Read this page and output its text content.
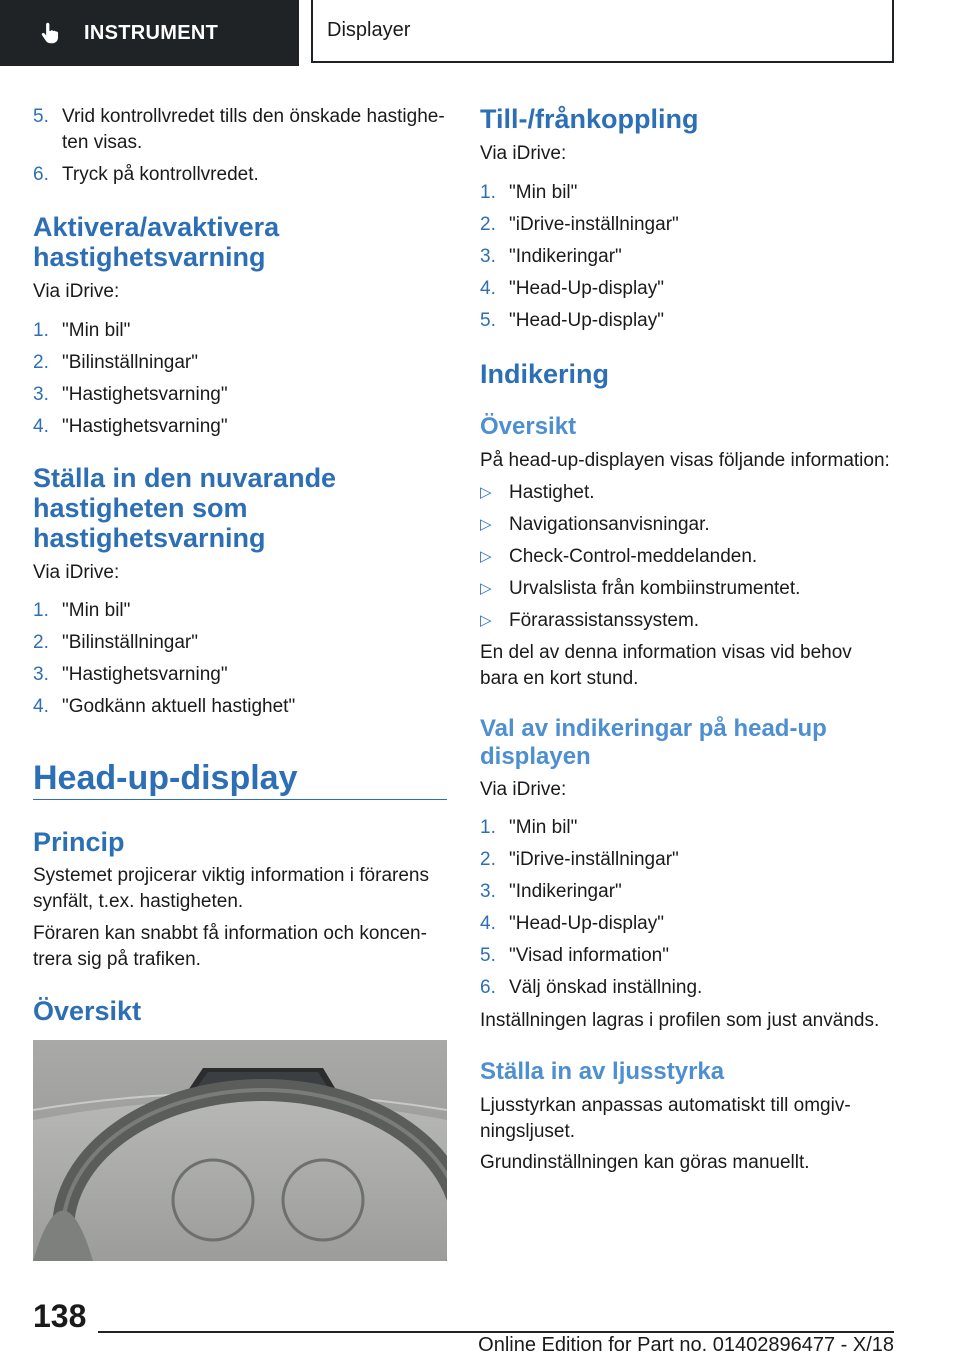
INSTRUMENT	Displayer
5. Vrid kontrollvredet tills den önskade hastighe-ten visas.
6. Tryck på kontrollvredet.
Aktivera/avaktivera hastighetsvarning
Via iDrive:
1. "Min bil"
2. "Bilinställningar"
3. "Hastighetsvarning"
4. "Hastighetsvarning"
Ställa in den nuvarande hastigheten som hastighetsvarning
Via iDrive:
1. "Min bil"
2. "Bilinställningar"
3. "Hastighetsvarning"
4. "Godkänn aktuell hastighet"
Head-up-display
Princip
Systemet projicerar viktig information i förarens synfält, t.ex. hastigheten.
Föraren kan snabbt få information och koncen-trera sig på trafiken.
Översikt
Till-/frånkoppling
Via iDrive:
1. "Min bil"
2. "iDrive-inställningar"
3. "Indikeringar"
4. "Head-Up-display"
5. "Head-Up-display"
Indikering
Översikt
På head-up-displayen visas följande information:
▷ Hastighet.
▷ Navigationsanvisningar.
▷ Check-Control-meddelanden.
▷ Urvalslista från kombiinstrumentet.
▷ Förarassistanssystem.
En del av denna information visas vid behov bara en kort stund.
Val av indikeringar på head-up displayen
Via iDrive:
1. "Min bil"
2. "iDrive-inställningar"
3. "Indikeringar"
4. "Head-Up-display"
5. "Visad information"
6. Välj önskad inställning.
Inställningen lagras i profilen som just används.
Ställa in av ljusstyrka
Ljusstyrkan anpassas automatiskt till omgiv-ningsljuset.
Grundinställningen kan göras manuellt.
138
Online Edition for Part no. 01402896477 - X/18
